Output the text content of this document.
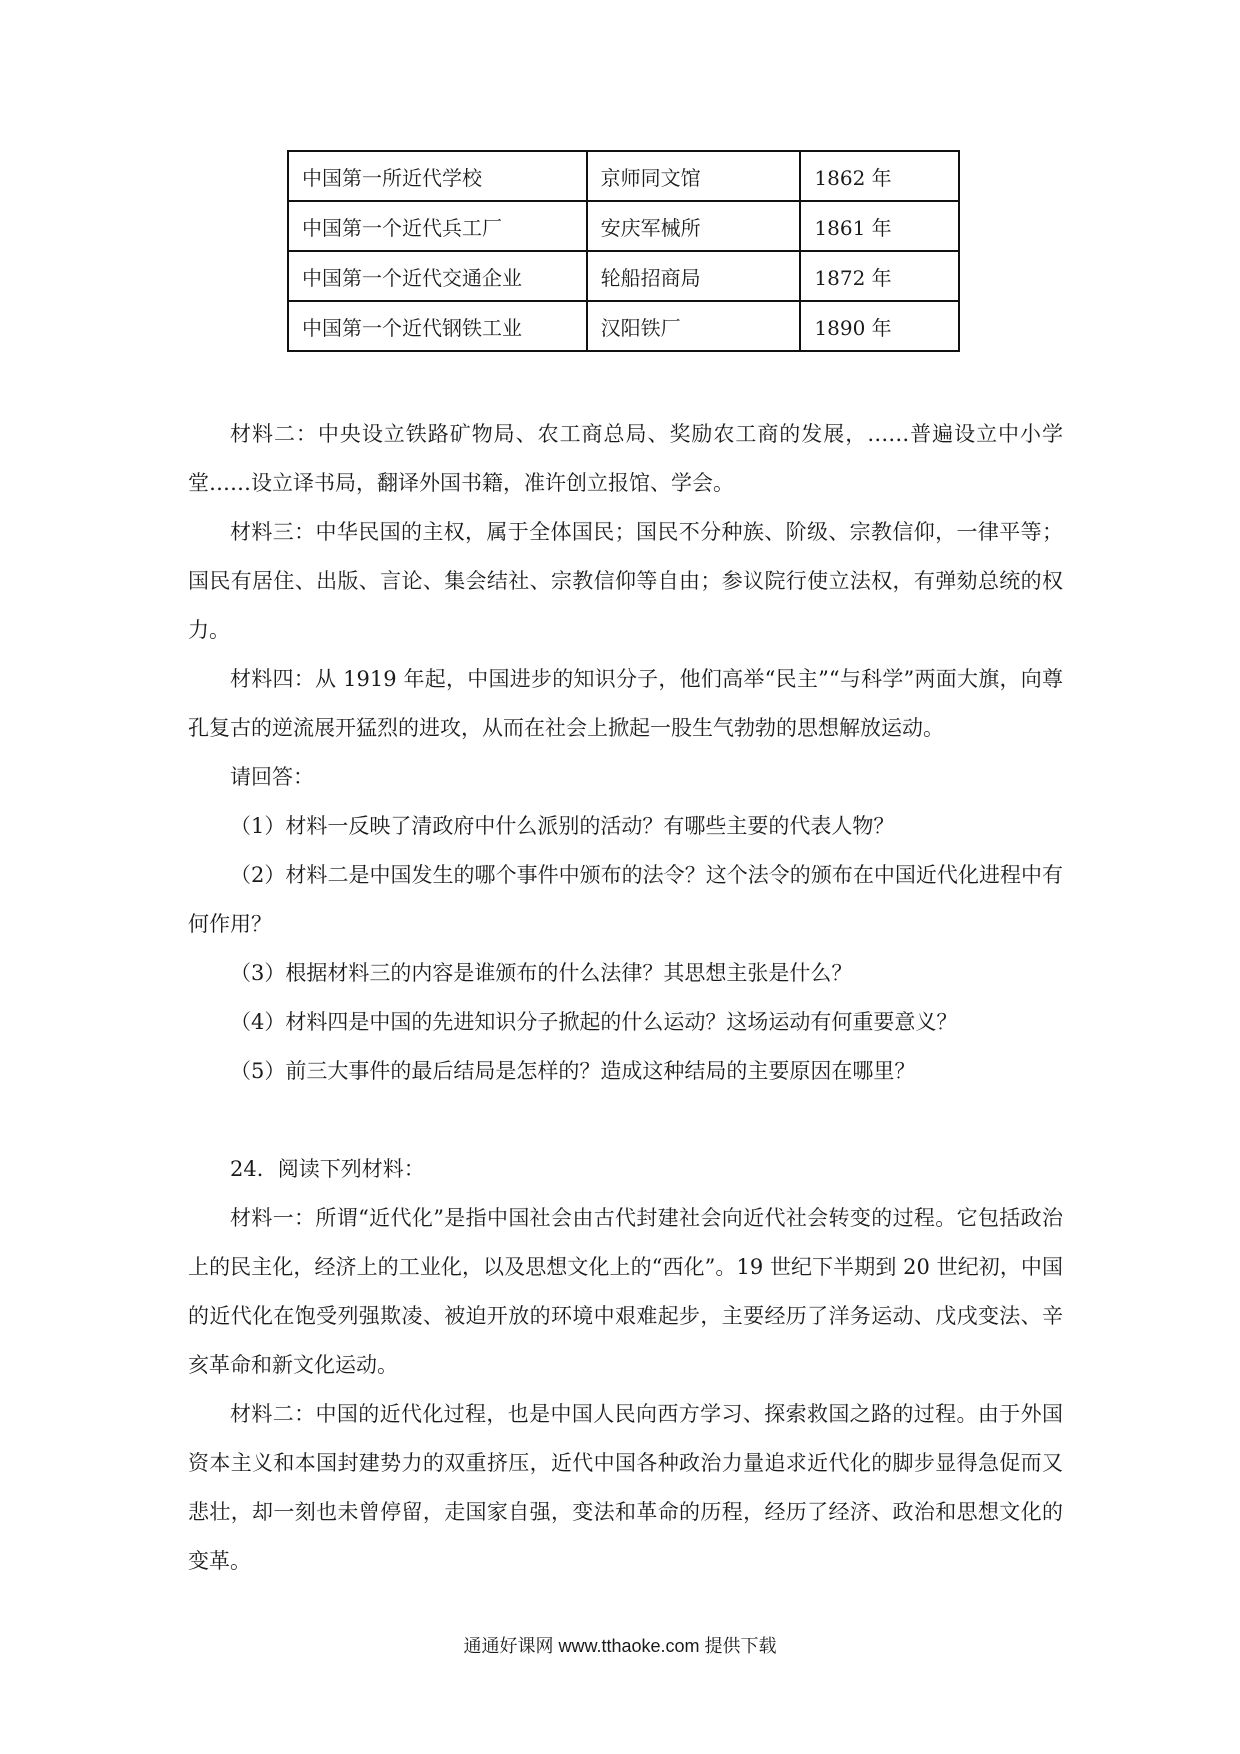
中国第一所近代学校	京师同文馆	1862 年
中国第一个近代兵工厂	安庆军械所	1861 年
中国第一个近代交通企业	轮船招商局	1872 年
中国第一个近代钢铁工业	汉阳铁厂	1890 年

材料二：中央设立铁路矿物局、农工商总局、奖励农工商的发展，……普遍设立中小学堂……设立译书局，翻译外国书籍，准许创立报馆、学会。

材料三：中华民国的主权，属于全体国民；国民不分种族、阶级、宗教信仰，一律平等；国民有居住、出版、言论、集会结社、宗教信仰等自由；参议院行使立法权，有弹劾总统的权力。

材料四：从 1919 年起，中国进步的知识分子，他们高举“民主”“与科学”两面大旗，向尊孔复古的逆流展开猛烈的进攻，从而在社会上掀起一股生气勃勃的思想解放运动。

请回答：

（1）材料一反映了清政府中什么派别的活动？有哪些主要的代表人物？

（2）材料二是中国发生的哪个事件中颁布的法令？这个法令的颁布在中国近代化进程中有何作用？

（3）根据材料三的内容是谁颁布的什么法律？其思想主张是什么？

（4）材料四是中国的先进知识分子掀起的什么运动？这场运动有何重要意义？

（5）前三大事件的最后结局是怎样的？造成这种结局的主要原因在哪里？

24．阅读下列材料：

材料一：所谓“近代化”是指中国社会由古代封建社会向近代社会转变的过程。它包括政治上的民主化，经济上的工业化，以及思想文化上的“西化”。19 世纪下半期到 20 世纪初，中国的近代化在饱受列强欺凌、被迫开放的环境中艰难起步，主要经历了洋务运动、戊戌变法、辛亥革命和新文化运动。

材料二：中国的近代化过程，也是中国人民向西方学习、探索救国之路的过程。由于外国资本主义和本国封建势力的双重挤压，近代中国各种政治力量追求近代化的脚步显得急促而又悲壮，却一刻也未曾停留，走国家自强，变法和革命的历程，经历了经济、政治和思想文化的变革。

通通好课网 www.tthaoke.com 提供下载
